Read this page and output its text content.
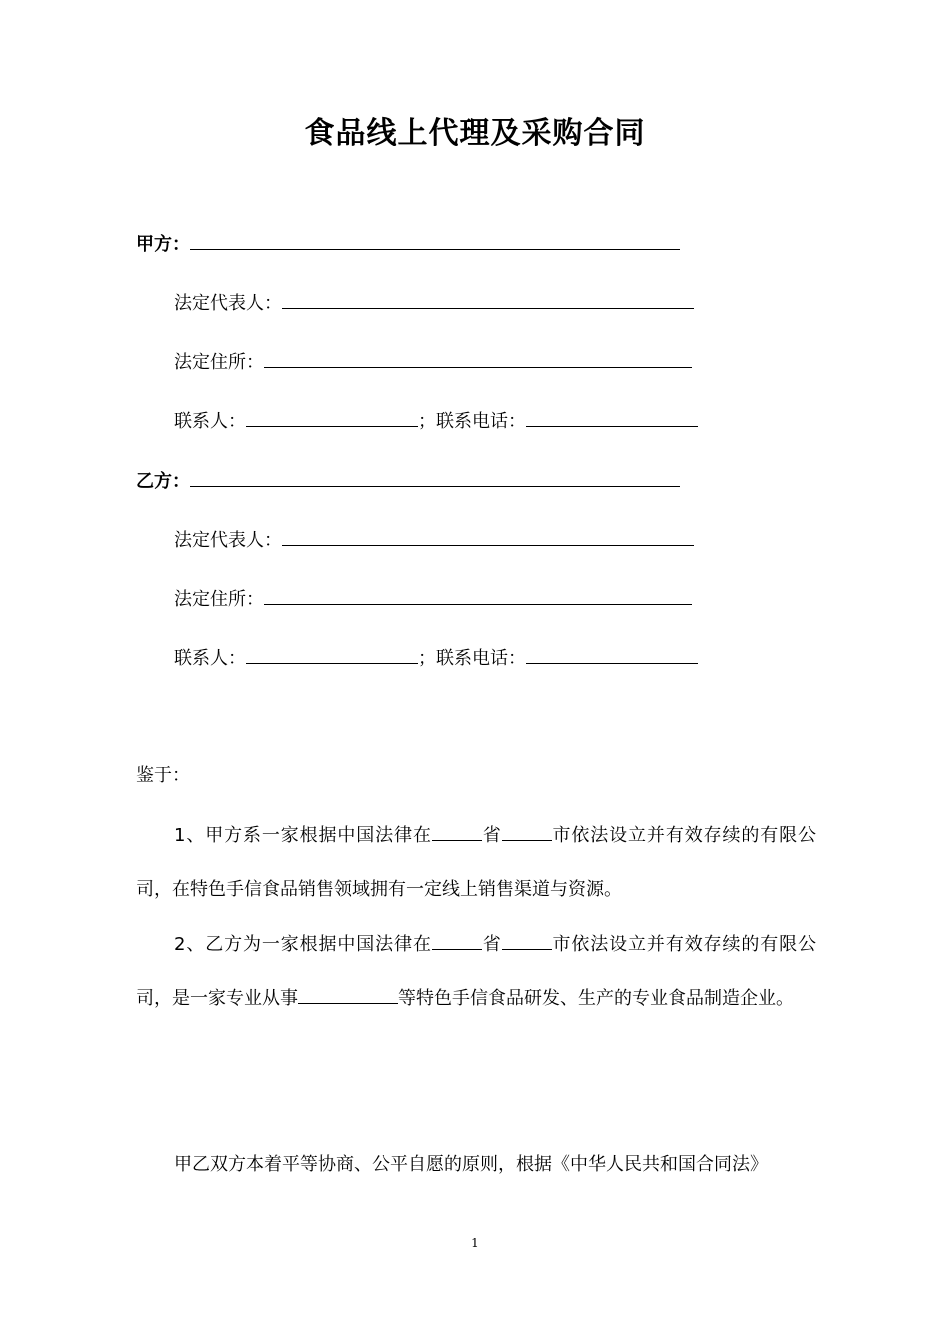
食品线上代理及采购合同
甲方：
法定代表人：
法定住所：
联系人：	；联系电话：
乙方：
法定代表人：
法定住所：
联系人：	；联系电话：
鉴于：
1、甲方系一家根据中国法律在	省	市依法设立并有效存续的有限公司，在特色手信食品销售领域拥有一定线上销售渠道与资源。
2、乙方为一家根据中国法律在	省	市依法设立并有效存续的有限公司，是一家专业从事	等特色手信食品研发、生产的专业食品制造企业。
甲乙双方本着平等协商、公平自愿的原则，根据《中华人民共和国合同法》
1
